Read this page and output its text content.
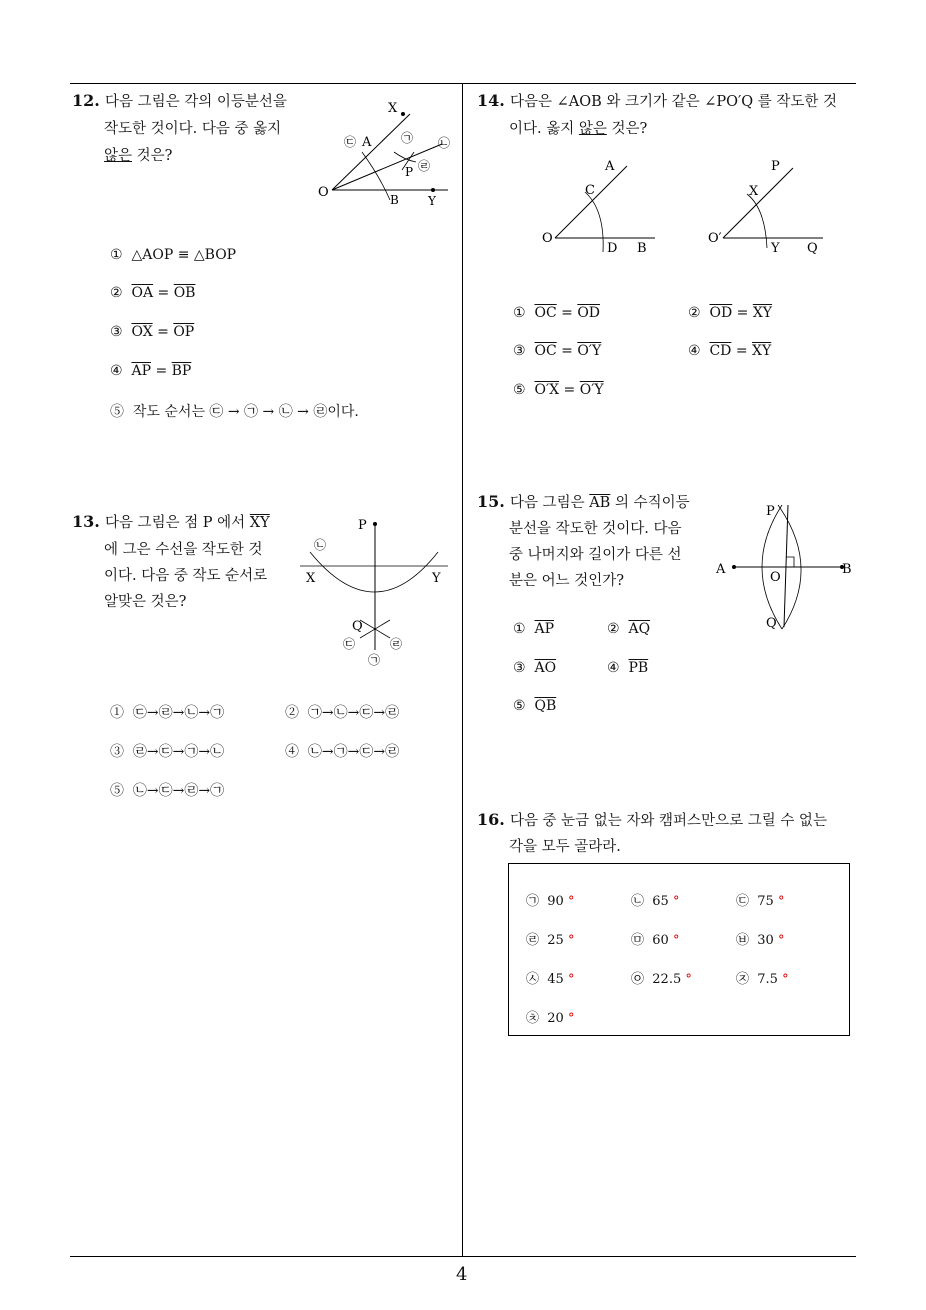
4
12. 다음 그림은 각의 이등분선을
작도한 것이다. 다음 중 옳지
않은 것은?
X
A
O	B Y
P
㉢	㉠ ㉡
㉣
① △AOP ≡ △BOP
② $\overline{OA} = \overline{OB}$
③ $\overline{OX} = \overline{OP}$
④ $\overline{AP} = \overline{BP}$
⑤ 작도 순서는 ㉢ → ㉠ → ㉡ → ㉣이다.
13. 다음 그림은 점 P 에서 $\overline{XY}$
에 그은 수선을 작도한 것
이다. 다음 중 작도 순서로
알맞은 것은?
P
X	Y
Q
㉡
㉢	㉣
㉠
① ㉢→㉣→㉡→㉠	② ㉠→㉡→㉢→㉣
③ ㉣→㉢→㉠→㉡	④ ㉡→㉠→㉢→㉣
⑤ ㉡→㉢→㉣→㉠
14. 다음은 ∠AOB 와 크기가 같은 ∠PO′Q 를 작도한 것
이다. 옳지 않은 것은?
A
C
O
D B
P
X
O′
Y Q
① $\overline{OC} = \overline{OD}$	② $\overline{OD} = \overline{XY}$
③ $\overline{OC} = O'Y$	④ $\overline{CD} = \overline{XY}$
⑤ O′X = O′Y
15. 다음 그림은 $\overline{AB}$ 의 수직이등
분선을 작도한 것이다. 다음
중 나머지와 길이가 다른 선
분은 어느 것인가?
P
A
O
B
Q
① $\overline{AP}$	② $\overline{AQ}$
③ $\overline{AO}$	④ $\overline{PB}$
⑤ $\overline{QB}$
16. 다음 중 눈금 없는 자와 캠퍼스만으로 그릴 수 없는
각을 모두 골라라.
㉠ 90 °	㉡ 65 °	㉢ 75 °
㉣ 25 °	㉤ 60 °	㉥ 30 °
㉦ 45 °	㉧ 22.5 °	㉨ 7.5 °
㉩ 20 °
